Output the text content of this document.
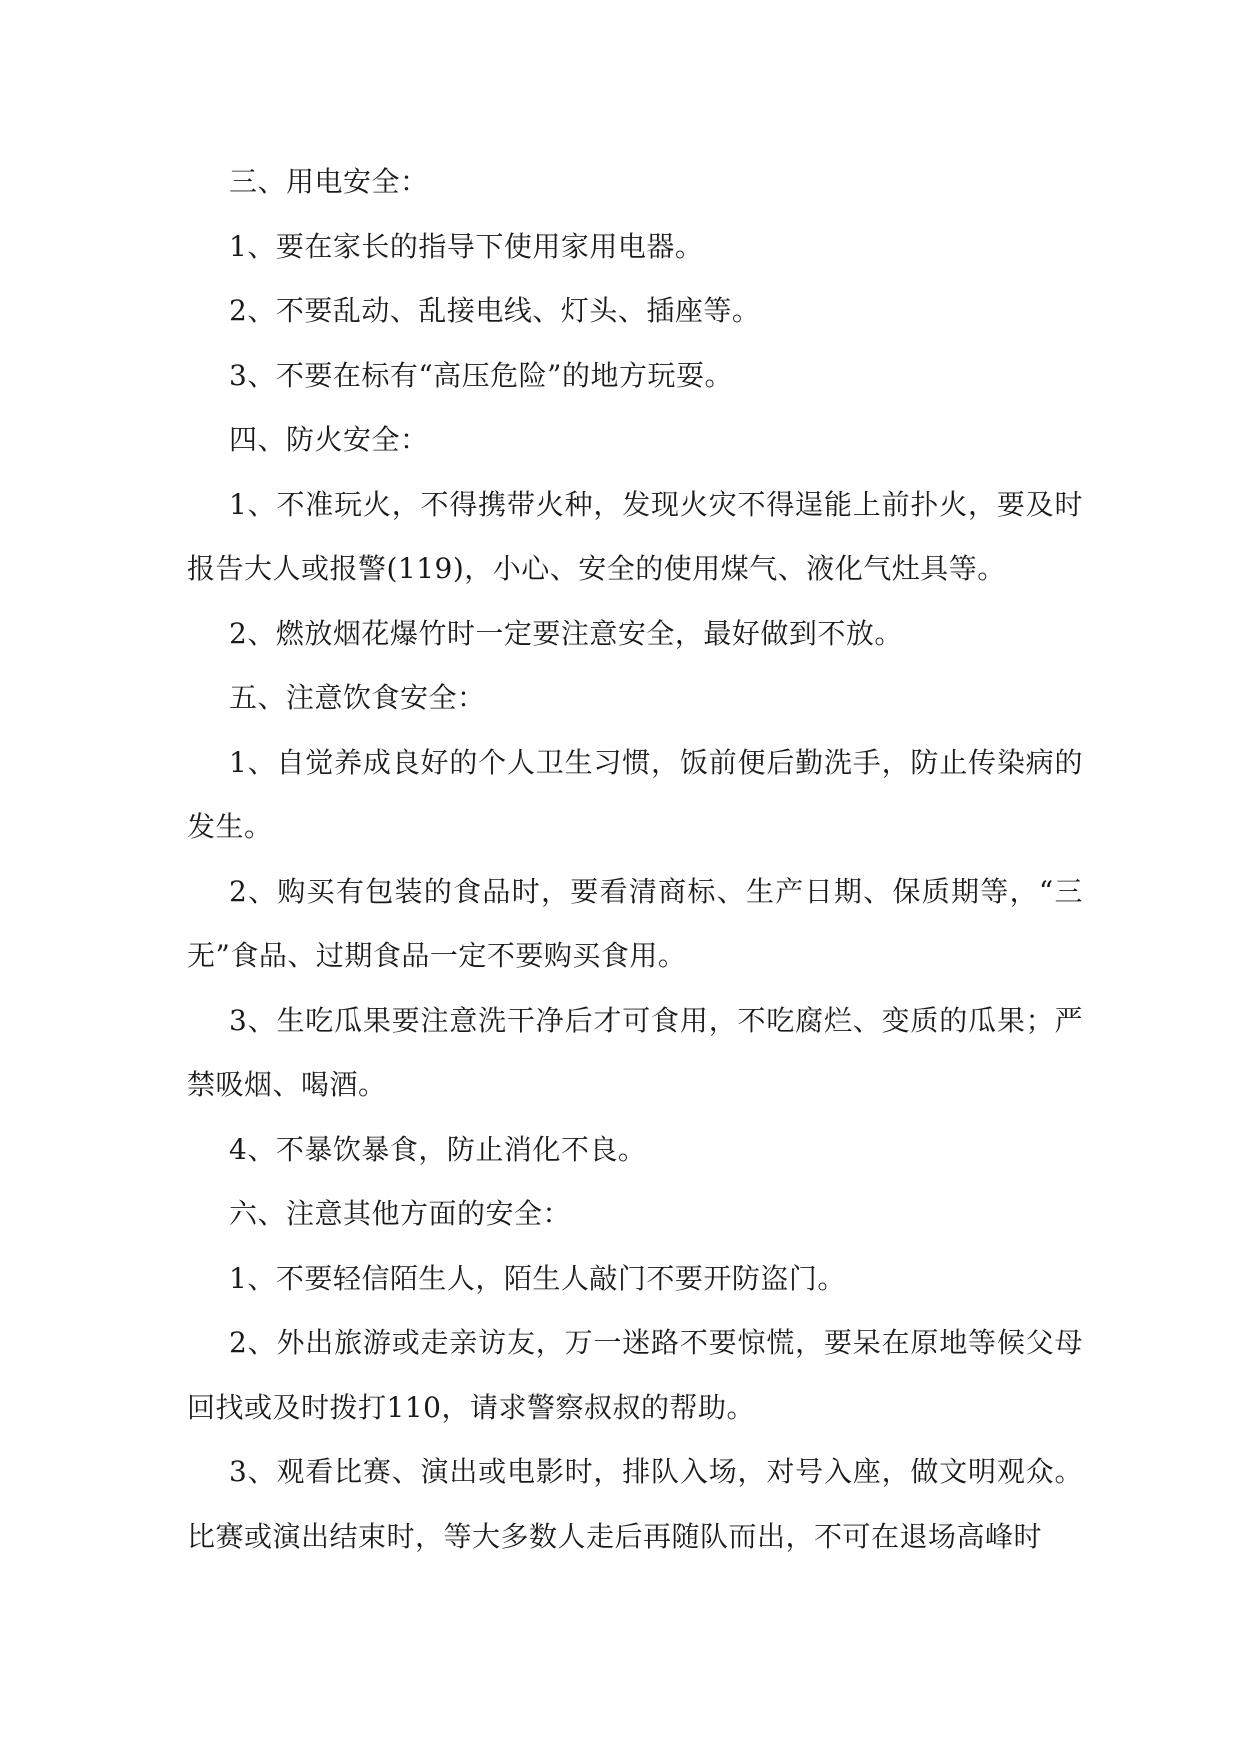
三、用电安全：

1、要在家长的指导下使用家用电器。

2、不要乱动、乱接电线、灯头、插座等。

3、不要在标有“高压危险”的地方玩耍。

四、防火安全：

1、不准玩火，不得携带火种，发现火灾不得逞能上前扑火，要及时报告大人或报警(119)，小心、安全的使用煤气、液化气灶具等。

2、燃放烟花爆竹时一定要注意安全，最好做到不放。

五、注意饮食安全：

1、自觉养成良好的个人卫生习惯，饭前便后勤洗手，防止传染病的发生。

2、购买有包装的食品时，要看清商标、生产日期、保质期等，“三无”食品、过期食品一定不要购买食用。

3、生吃瓜果要注意洗干净后才可食用，不吃腐烂、变质的瓜果；严禁吸烟、喝酒。

4、不暴饮暴食，防止消化不良。

六、注意其他方面的安全：

1、不要轻信陌生人，陌生人敲门不要开防盗门。

2、外出旅游或走亲访友，万一迷路不要惊慌，要呆在原地等候父母回找或及时拨打110，请求警察叔叔的帮助。

3、观看比赛、演出或电影时，排队入场，对号入座，做文明观众。比赛或演出结束时，等大多数人走后再随队而出，不可在退场高峰时
